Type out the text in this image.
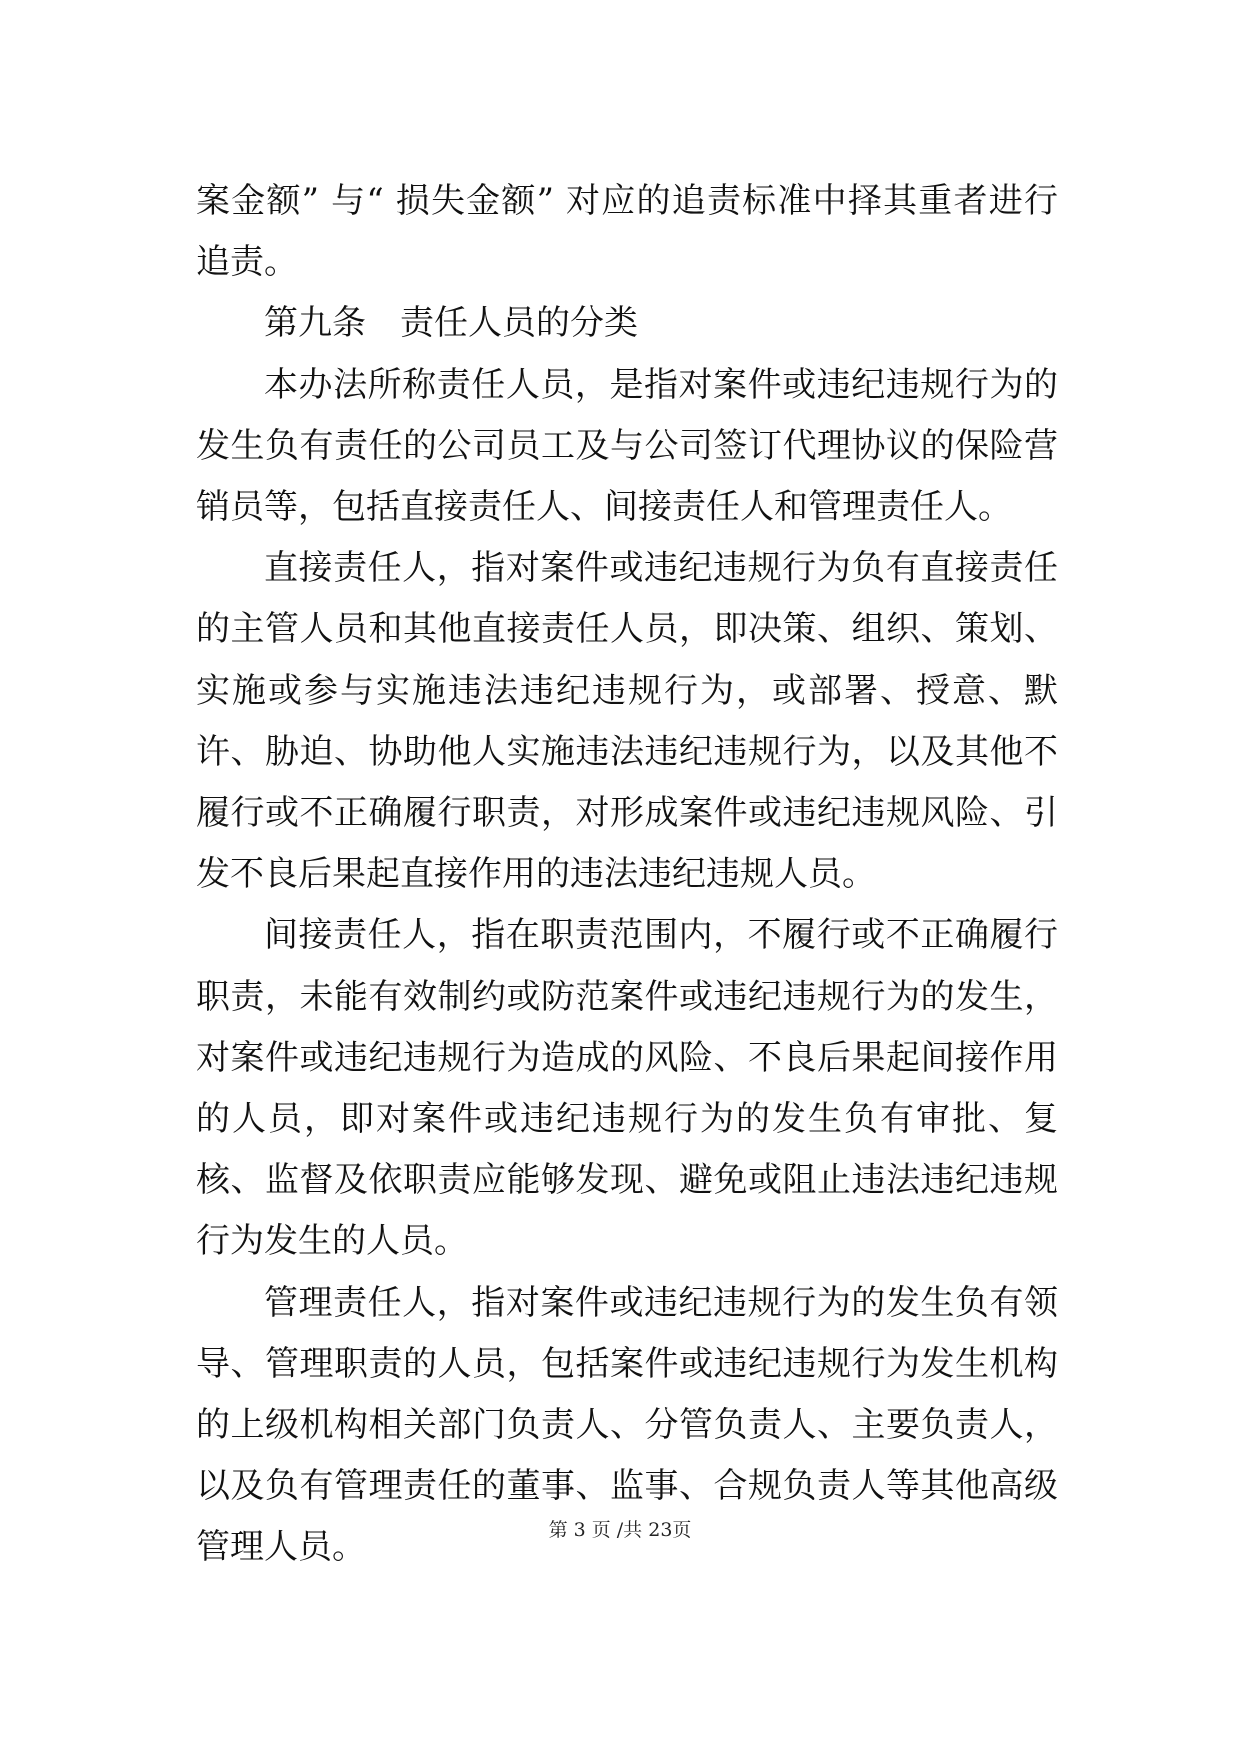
案金额” 与“ 损失金额” 对应的追责标准中择其重者进行追责。

第九条　责任人员的分类

本办法所称责任人员，是指对案件或违纪违规行为的发生负有责任的公司员工及与公司签订代理协议的保险营销员等，包括直接责任人、间接责任人和管理责任人。

直接责任人，指对案件或违纪违规行为负有直接责任的主管人员和其他直接责任人员，即决策、组织、策划、实施或参与实施违法违纪违规行为，或部署、授意、默许、胁迫、协助他人实施违法违纪违规行为，以及其他不履行或不正确履行职责，对形成案件或违纪违规风险、引发不良后果起直接作用的违法违纪违规人员。

间接责任人，指在职责范围内，不履行或不正确履行职责，未能有效制约或防范案件或违纪违规行为的发生，对案件或违纪违规行为造成的风险、不良后果起间接作用的人员，即对案件或违纪违规行为的发生负有审批、复核、监督及依职责应能够发现、避免或阻止违法违纪违规行为发生的人员。

管理责任人，指对案件或违纪违规行为的发生负有领导、管理职责的人员，包括案件或违纪违规行为发生机构的上级机构相关部门负责人、分管负责人、主要负责人，以及负有管理责任的董事、监事、合规负责人等其他高级管理人员。	第 3 页 /共 23页
